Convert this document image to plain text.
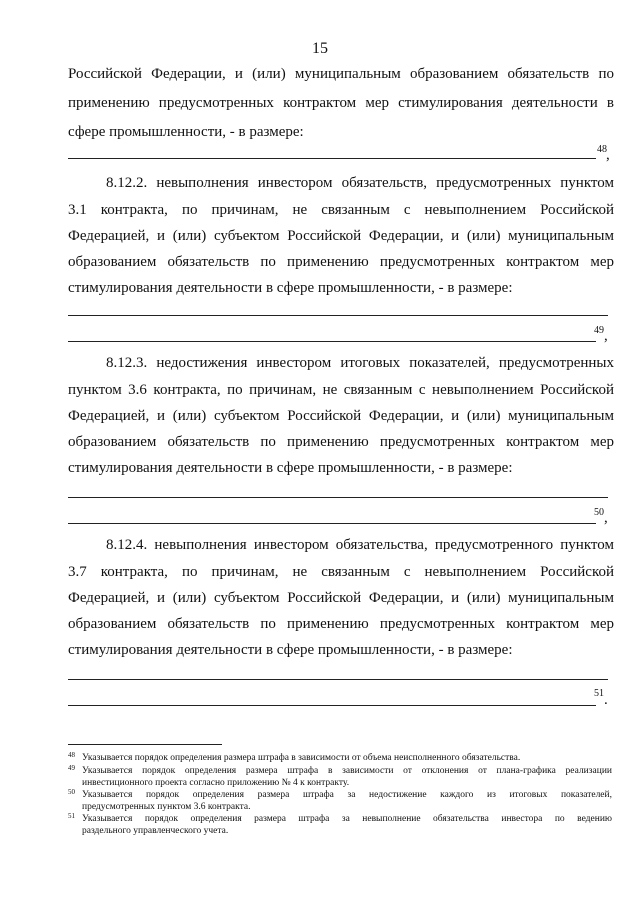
15
Российской Федерации, и (или) муниципальным образованием обязательств по
применению предусмотренных контрактом мер стимулирования деятельности в
сфере промышленности, - в размере:
48 ,
8.12.2. невыполнения инвестором обязательств, предусмотренных пунктом
3.1 контракта, по причинам, не связанным с невыполнением Российской
Федерацией, и (или) субъектом Российской Федерации, и (или) муниципальным
образованием обязательств по применению предусмотренных контрактом мер
стимулирования деятельности в сфере промышленности, - в размере:
49 ,
8.12.3. недостижения инвестором итоговых показателей, предусмотренных
пунктом 3.6 контракта, по причинам, не связанным с невыполнением Российской
Федерацией, и (или) субъектом Российской Федерации, и (или) муниципальным
образованием обязательств по применению предусмотренных контрактом мер
стимулирования деятельности в сфере промышленности, - в размере:
50 ,
8.12.4. невыполнения инвестором обязательства, предусмотренного пунктом
3.7 контракта, по причинам, не связанным с невыполнением Российской
Федерацией, и (или) субъектом Российской Федерации, и (или) муниципальным
образованием обязательств по применению предусмотренных контрактом мер
стимулирования деятельности в сфере промышленности, - в размере:
51 .
48 Указывается порядок определения размера штрафа в зависимости от объема неисполненного обязательства.
49 Указывается порядок определения размера штрафа в зависимости от отклонения от плана-графика реализации
инвестиционного проекта согласно приложению № 4 к контракту.
50 Указывается порядок определения размера штрафа за недостижение каждого из итоговых показателей,
предусмотренных пунктом 3.6 контракта.
51 Указывается порядок определения размера штрафа за невыполнение обязательства инвестора по ведению
раздельного управленческого учета.
